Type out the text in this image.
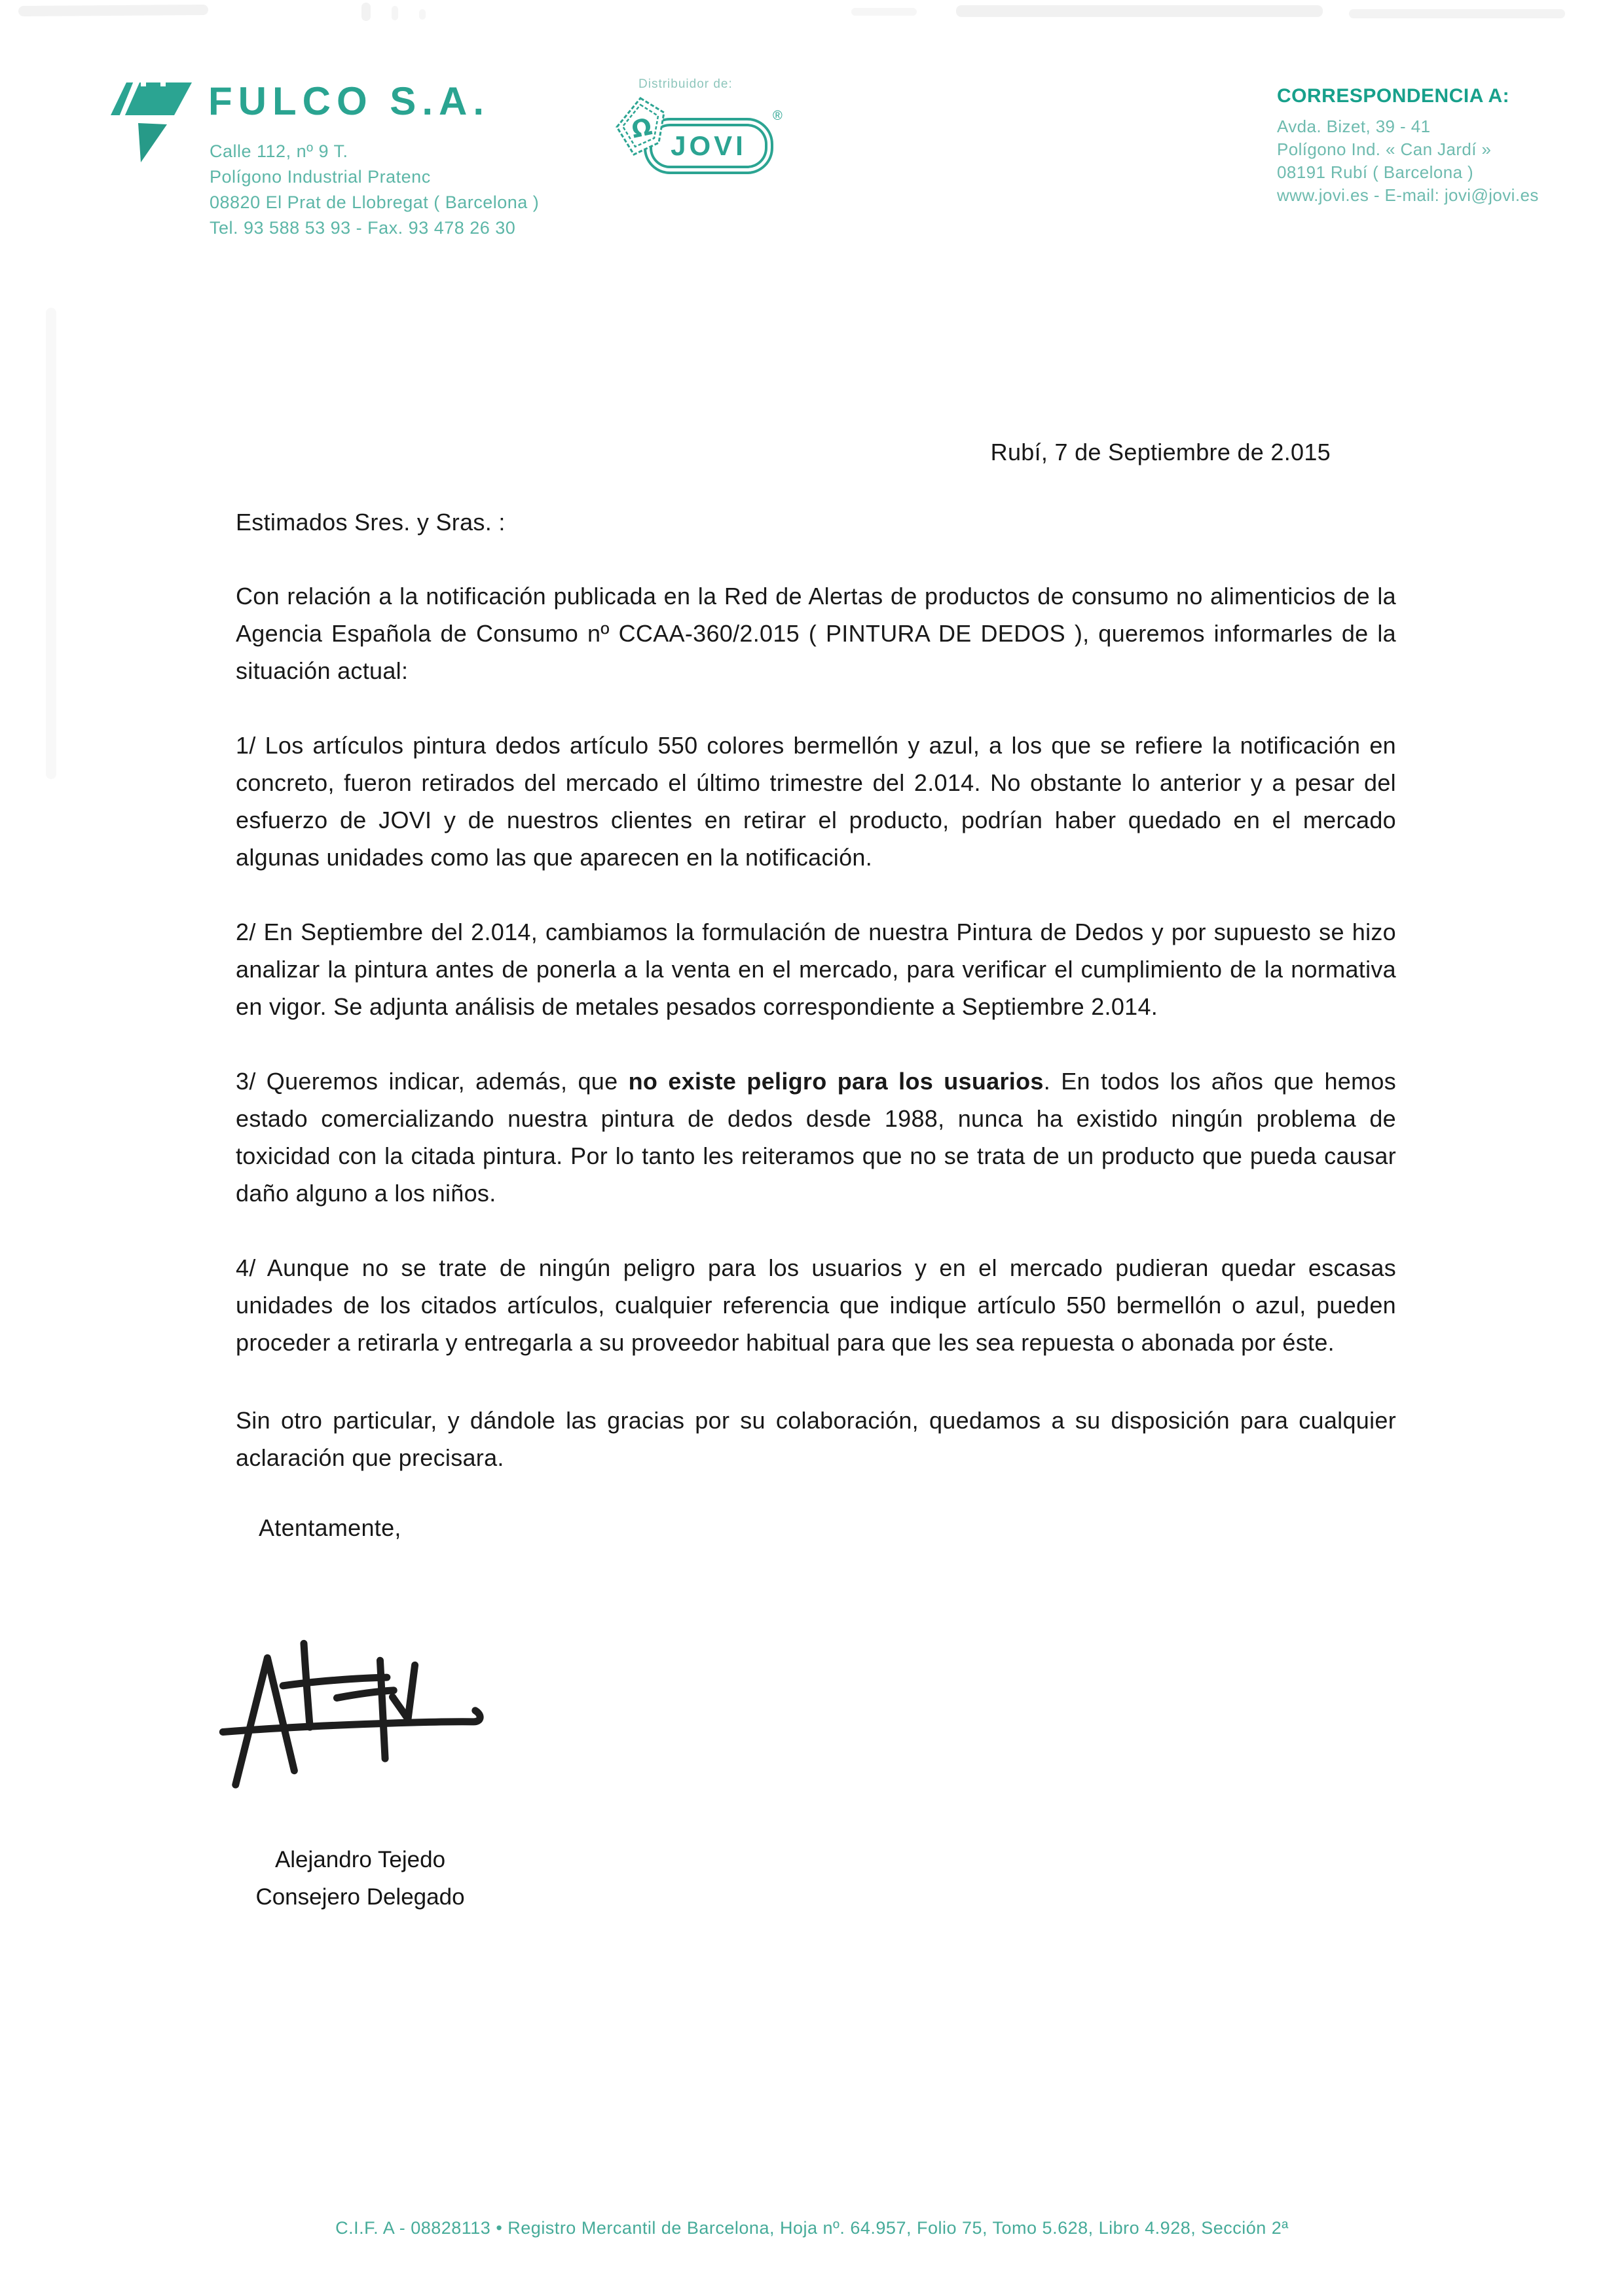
FULCO S.A.
Calle 112, nº 9 T.
Polígono Industrial Pratenc
08820 El Prat de Llobregat ( Barcelona )
Tel. 93 588 53 93 - Fax. 93 478 26 30
Distribuidor de:
JOVI
®
Ω
CORRESPONDENCIA A:
Avda. Bizet, 39 - 41
Polígono Ind. « Can Jardí »
08191 Rubí ( Barcelona )
www.jovi.es - E-mail: jovi@jovi.es
Rubí, 7 de Septiembre de 2.015
Estimados Sres. y Sras. :

Con relación a la notificación publicada en la Red de Alertas de productos de consumo no alimenticios de la Agencia Española de Consumo nº CCAA-360/2.015 ( PINTURA DE DEDOS ), queremos informarles de la situación actual:

1/ Los artículos pintura dedos artículo 550 colores bermellón y azul, a los que se refiere la notificación en concreto, fueron retirados del mercado el último trimestre del 2.014. No obstante lo anterior y a pesar del esfuerzo de JOVI y de nuestros clientes en retirar el producto, podrían haber quedado en el mercado algunas unidades como las que aparecen en la notificación.

2/ En Septiembre del 2.014, cambiamos la formulación de nuestra Pintura de Dedos y por supuesto se hizo analizar la pintura antes de ponerla a la venta en el mercado, para verificar el cumplimiento de la normativa en vigor. Se adjunta análisis de metales pesados correspondiente a Septiembre 2.014.

3/ Queremos indicar, además, que no existe peligro para los usuarios. En todos los años que hemos estado comercializando nuestra pintura de dedos desde 1988, nunca ha existido ningún problema de toxicidad con la citada pintura. Por lo tanto les reiteramos que no se trata de un producto que pueda causar daño alguno a los niños.

4/ Aunque no se trate de ningún peligro para los usuarios y en el mercado pudieran quedar escasas unidades de los citados artículos, cualquier referencia que indique artículo 550 bermellón o azul, pueden proceder a retirarla y entregarla a su proveedor habitual para que les sea repuesta o abonada por éste.

Sin otro particular, y dándole las gracias por su colaboración, quedamos a su disposición para cualquier aclaración que precisara.

Atentamente,
Alejandro Tejedo
Consejero Delegado
C.I.F. A - 08828113 • Registro Mercantil de Barcelona, Hoja nº. 64.957, Folio 75, Tomo 5.628, Libro 4.928, Sección 2ª
